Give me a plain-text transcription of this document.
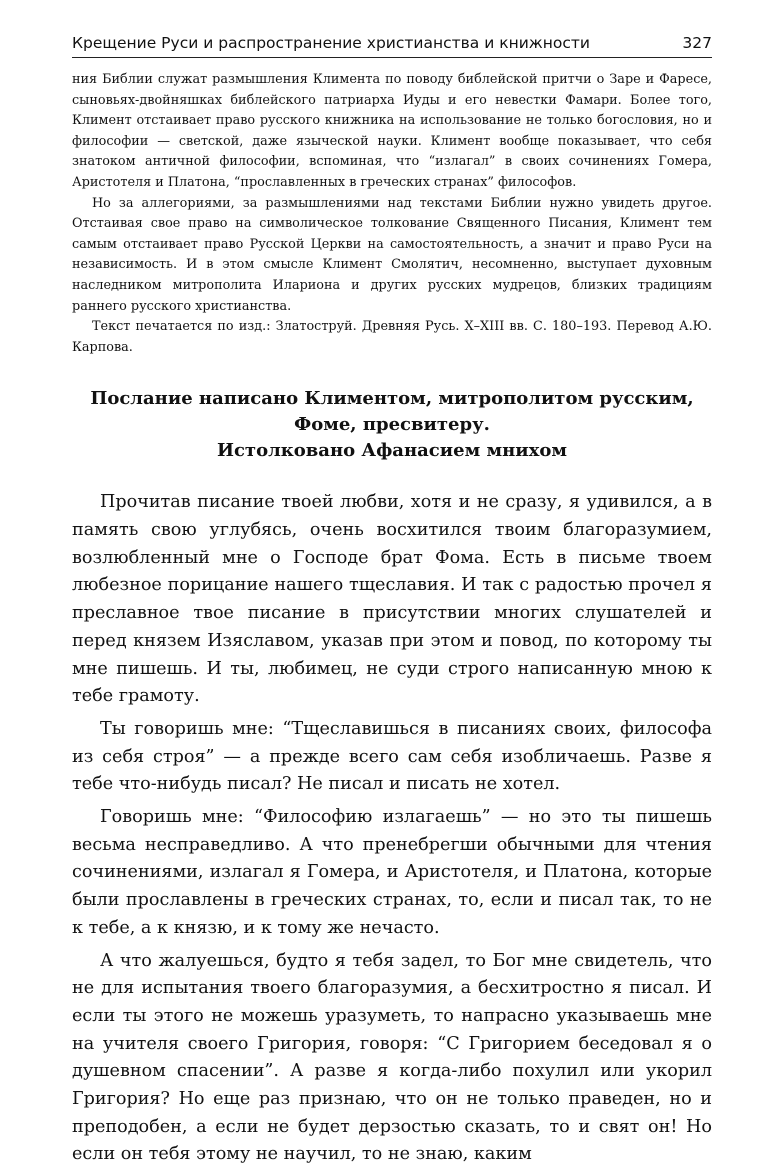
Крещение Руси и распространение христианства и книжности	327

ния Библии служат размышления Климента по поводу библейской притчи о Заре и Фаресе, сыновьях-двойняшках библейского патриарха Иуды и его невестки Фамари. Более того, Климент отстаивает право русского книжника на использование не только богословия, но и философии — светской, даже языческой науки. Климент вообще показывает, что себя знатоком античной философии, вспоминая, что “излагал” в своих сочинениях Гомера, Аристотеля и Платона, “прославленных в греческих странах” философов.

Но за аллегориями, за размышлениями над текстами Библии нужно увидеть другое. Отстаивая свое право на символическое толкование Священного Писания, Климент тем самым отстаивает право Русской Церкви на самостоятельность, а значит и право Руси на независимость. И в этом смысле Климент Смолятич, несомненно, выступает духовным наследником митрополита Илариона и других русских мудрецов, близких традициям раннего русского христианства.

Текст печатается по изд.: Златоструй. Древняя Русь. X–XIII вв. С. 180–193. Перевод А.Ю. Карпова.

Послание написано Климентом, митрополитом русским,
Фоме, пресвитеру.
Истолковано Афанасием мнихом

Прочитав писание твоей любви, хотя и не сразу, я удивился, а в память свою углубясь, очень восхитился твоим благоразумием, возлюбленный мне о Господе брат Фома. Есть в письме твоем любезное порицание нашего тщеславия. И так с радостью прочел я преславное твое писание в присутствии многих слушателей и перед князем Изяславом, указав при этом и повод, по которому ты мне пишешь. И ты, любимец, не суди строго написанную мною к тебе грамоту.

Ты говоришь мне: “Тщеславишься в писаниях своих, философа из себя строя” — а прежде всего сам себя изобличаешь. Разве я тебе что-нибудь писал? Не писал и писать не хотел.

Говоришь мне: “Философию излагаешь” — но это ты пишешь весьма несправедливо. А что пренебрегши обычными для чтения сочинениями, излагал я Гомера, и Аристотеля, и Платона, которые были прославлены в греческих странах, то, если и писал так, то не к тебе, а к князю, и к тому же нечасто.

А что жалуешься, будто я тебя задел, то Бог мне свидетель, что не для испытания твоего благоразумия, а бесхитростно я писал. И если ты этого не можешь уразуметь, то напрасно указываешь мне на учителя своего Григория, говоря: “С Григорием беседовал я о душевном спасении”. А разве я когда-либо похулил или укорил Григория? Но еще раз признаю, что он не только праведен, но и преподобен, а если не будет дерзостью сказать, то и свят он! Но если он тебя этому не научил, то не знаю, каким
